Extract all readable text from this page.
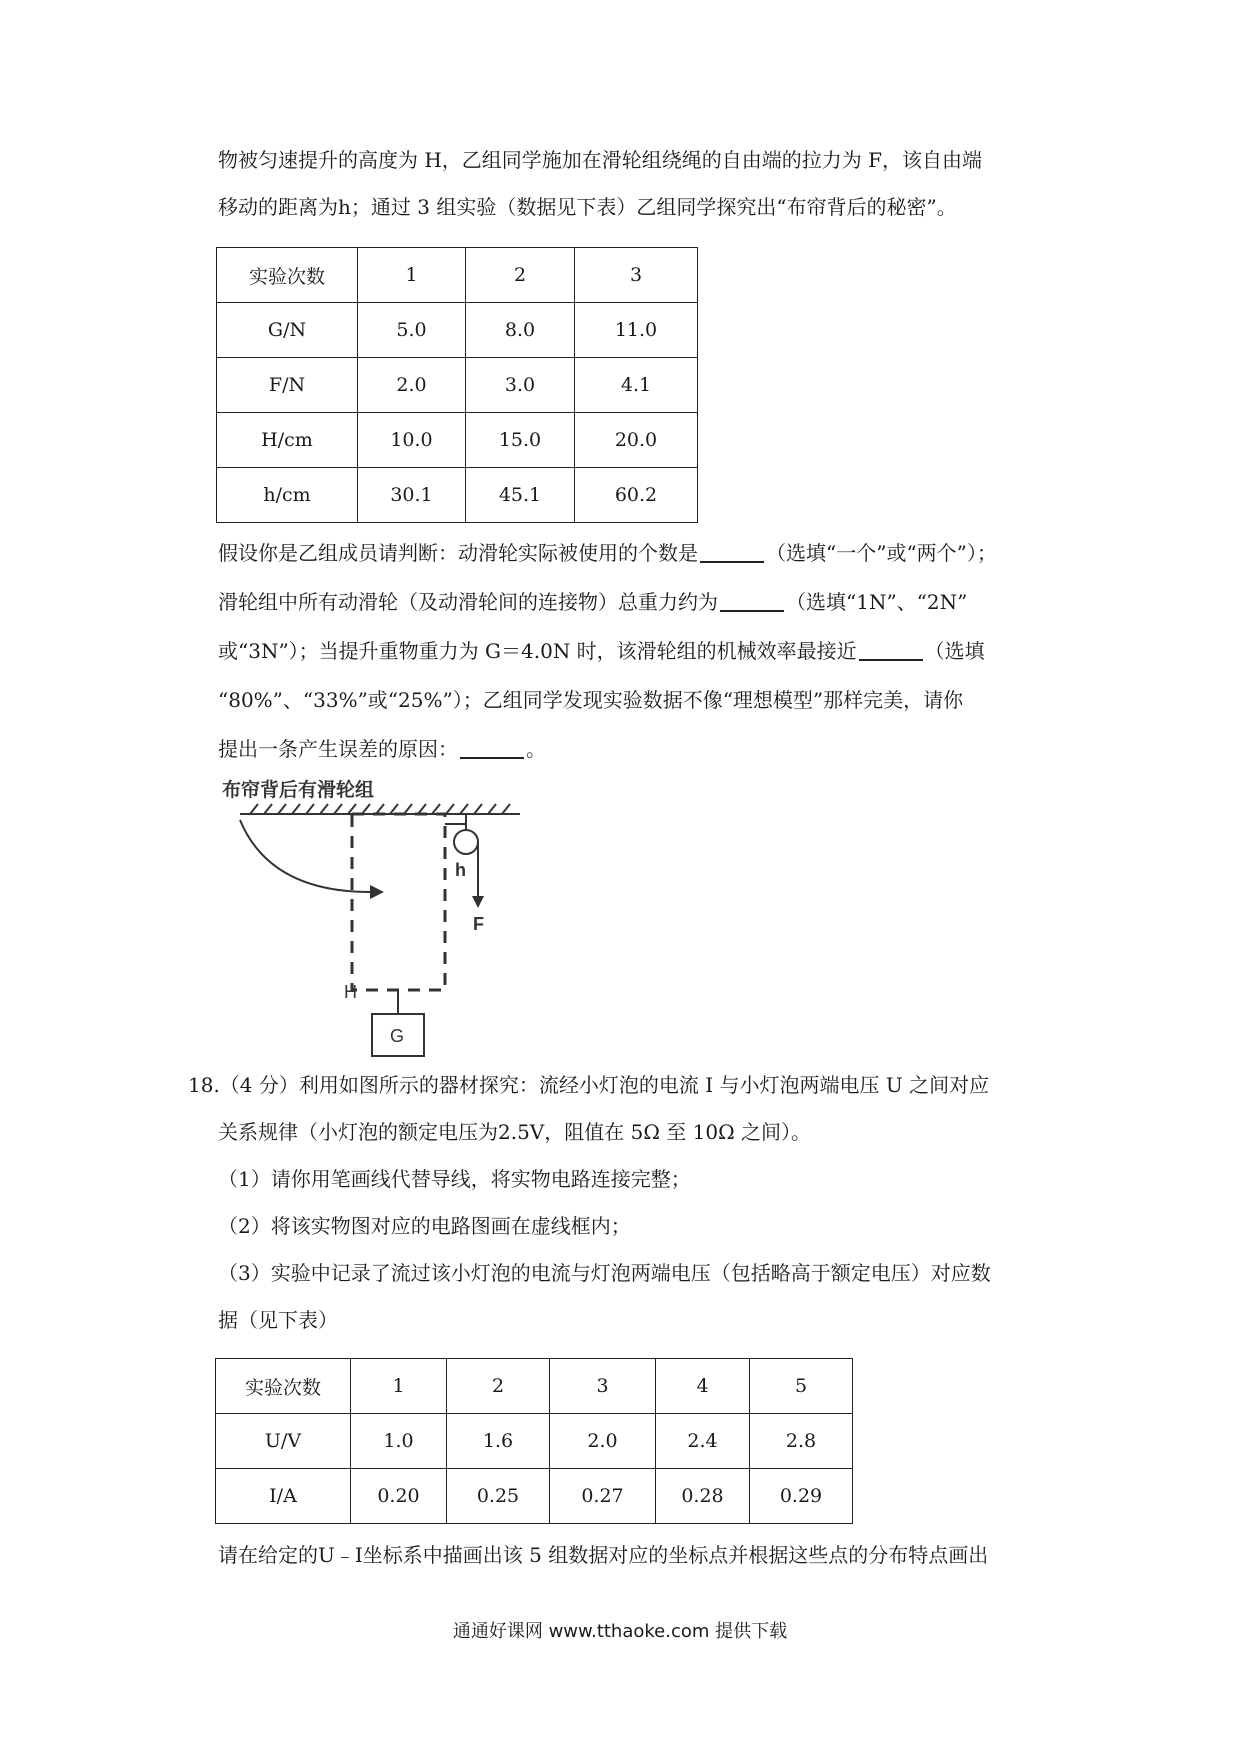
物被匀速提升的高度为 H，乙组同学施加在滑轮组绕绳的自由端的拉力为 F，该自由端
移动的距离为h；通过 3 组实验（数据见下表）乙组同学探究出“布帘背后的秘密”。
实验次数	1	2	3
G/N	5.0	8.0	11.0
F/N	2.0	3.0	4.1
H/cm	10.0	15.0	20.0
h/cm	30.1	45.1	60.2
假设你是乙组成员请判断：动滑轮实际被使用的个数是	（选填“一个”或“两个”）；
滑轮组中所有动滑轮（及动滑轮间的连接物）总重力约为	（选填“1N”、“2N”
或“3N”）；当提升重物重力为 G＝4.0N 时，该滑轮组的机械效率最接近	（选填
“80%”、“33%”或“25%”）；乙组同学发现实验数据不像“理想模型”那样完美，请你
提出一条产生误差的原因：	。
布帘背后有滑轮组
h
F
H
G
18.（4 分）利用如图所示的器材探究：流经小灯泡的电流 I 与小灯泡两端电压 U 之间对应
关系规律（小灯泡的额定电压为2.5V，阻值在 5Ω 至 10Ω 之间）。
（1）请你用笔画线代替导线，将实物电路连接完整；
（2）将该实物图对应的电路图画在虚线框内；
（3）实验中记录了流过该小灯泡的电流与灯泡两端电压（包括略高于额定电压）对应数
据（见下表）
实验次数	1	2	3	4	5
U/V	1.0	1.6	2.0	2.4	2.8
I/A	0.20	0.25	0.27	0.28	0.29
请在给定的U﹣I坐标系中描画出该 5 组数据对应的坐标点并根据这些点的分布特点画出
通通好课网 www.tthaoke.com 提供下载
